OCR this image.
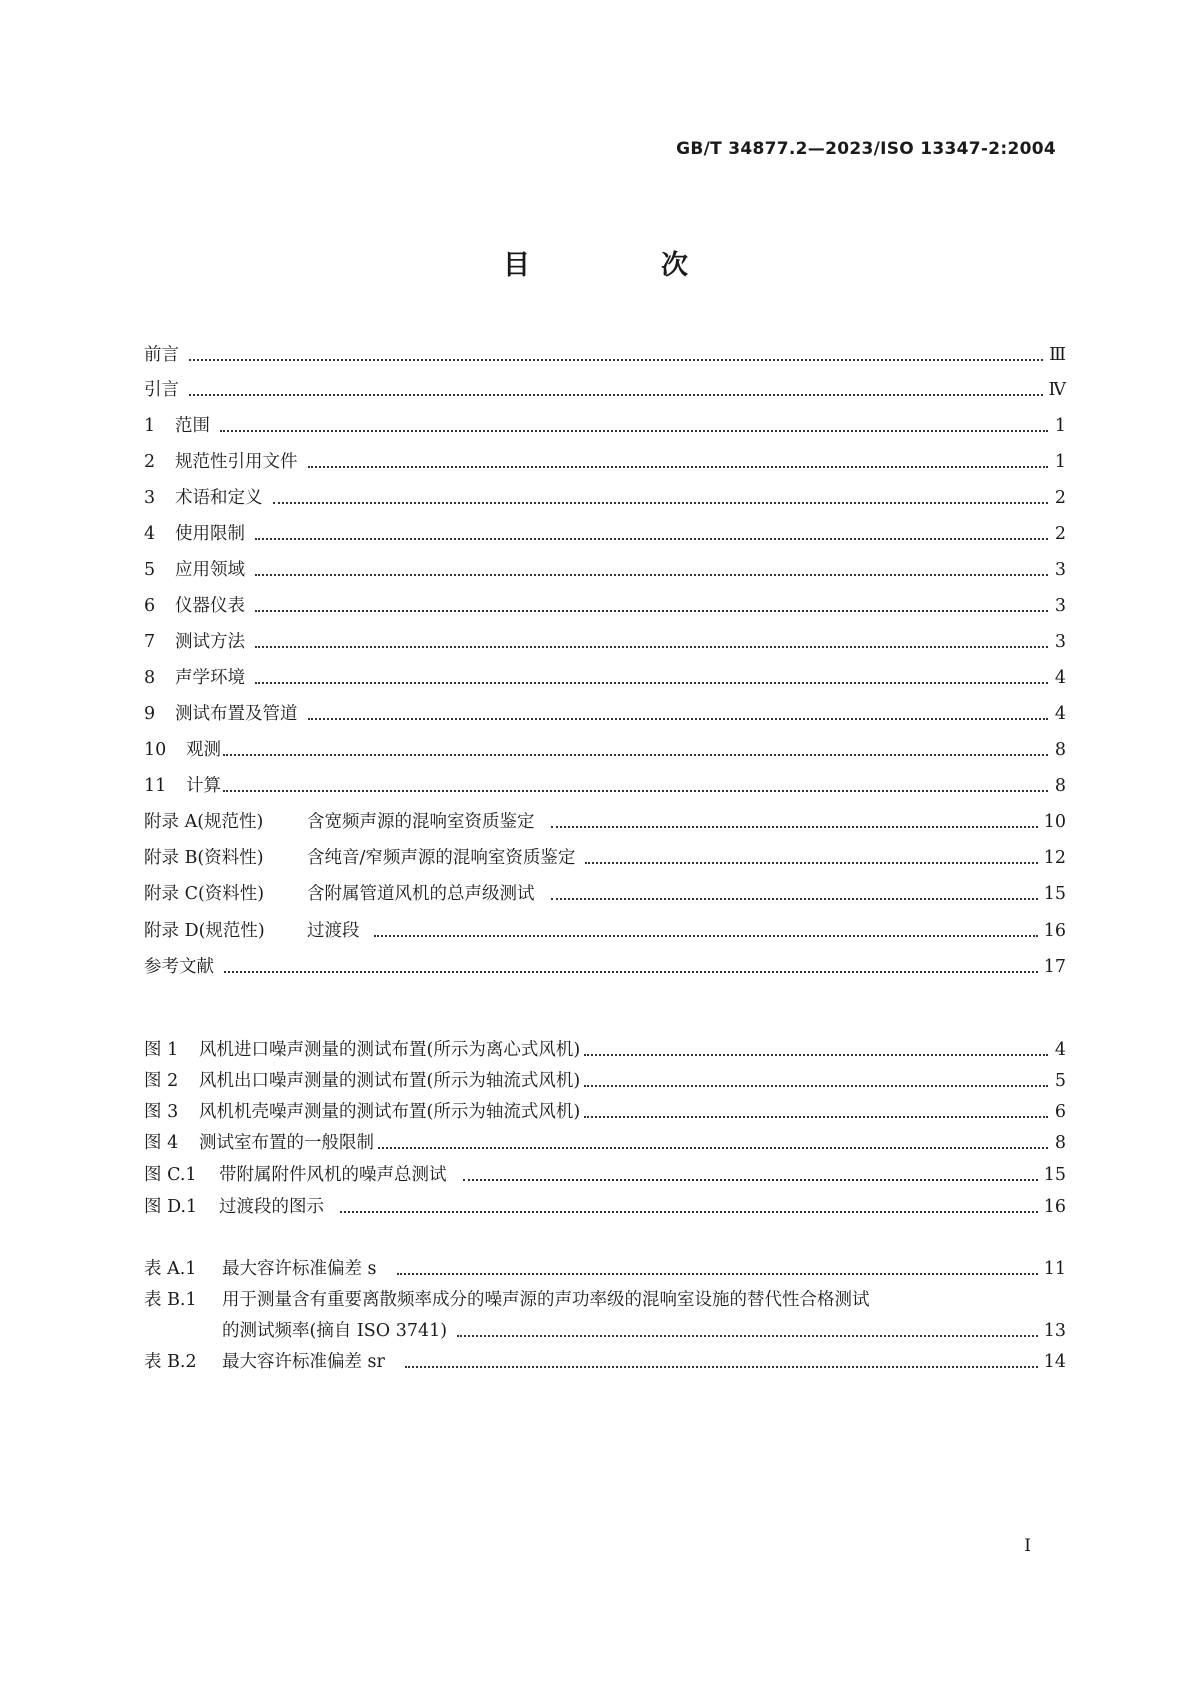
GB/T 34877.2—2023/ISO 13347-2:2004
目　次
前言	Ⅲ
引言	Ⅳ
1	范围	1
2	规范性引用文件	1
3	术语和定义	2
4	使用限制	2
5	应用领域	3
6	仪器仪表	3
7	测试方法	3
8	声学环境	4
9	测试布置及管道	4
10	观测	8
11	计算	8
附录 A(规范性)	含宽频声源的混响室资质鉴定	10
附录 B(资料性)	含纯音/窄频声源的混响室资质鉴定	12
附录 C(资料性)	含附属管道风机的总声级测试	15
附录 D(规范性)	过渡段	16
参考文献	17
图 1	风机进口噪声测量的测试布置(所示为离心式风机)	4
图 2	风机出口噪声测量的测试布置(所示为轴流式风机)	5
图 3	风机机壳噪声测量的测试布置(所示为轴流式风机)	6
图 4	测试室布置的一般限制	8
图 C.1	带附属附件风机的噪声总测试	15
图 D.1	过渡段的图示	16
表 A.1	最大容许标准偏差 s	11
表 B.1 用于测量含有重要离散频率成分的噪声源的声功率级的混响室设施的替代性合格测试
的测试频率(摘自 ISO 3741)	13
表 B.2	最大容许标准偏差 sr	14
I
